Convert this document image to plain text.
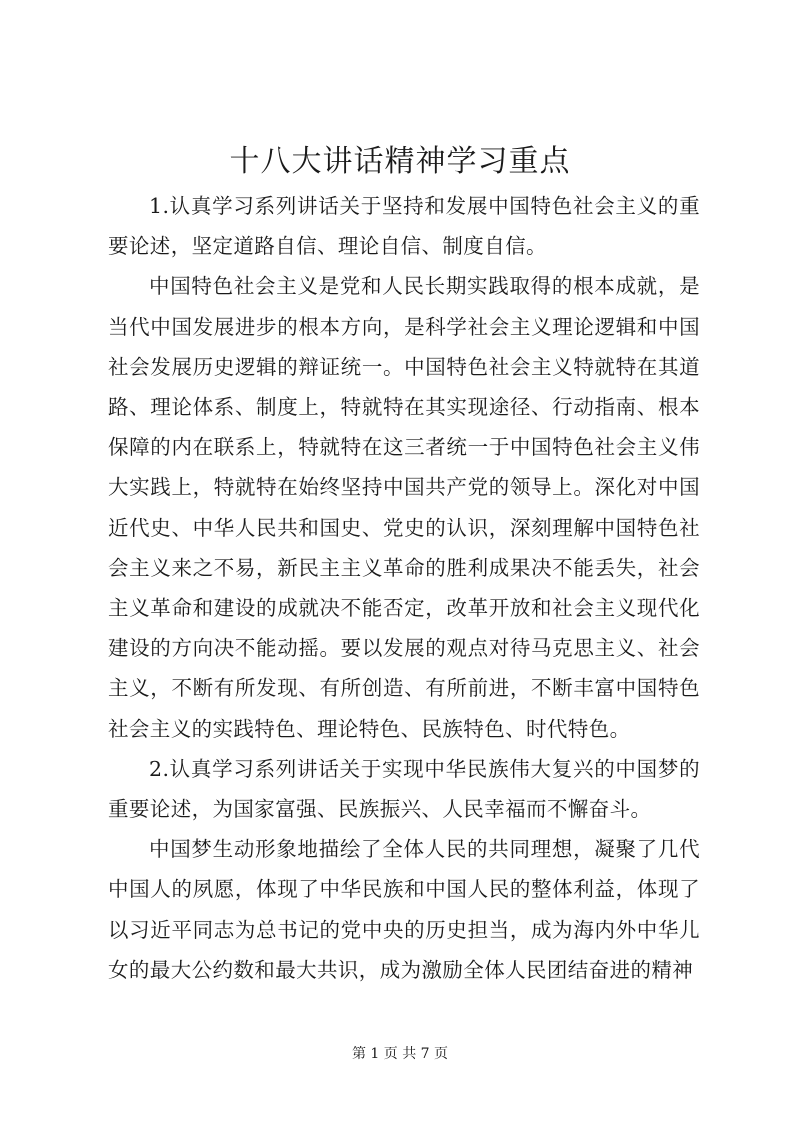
十八大讲话精神学习重点

1.认真学习系列讲话关于坚持和发展中国特色社会主义的重要论述，坚定道路自信、理论自信、制度自信。

中国特色社会主义是党和人民长期实践取得的根本成就，是当代中国发展进步的根本方向，是科学社会主义理论逻辑和中国社会发展历史逻辑的辩证统一。中国特色社会主义特就特在其道路、理论体系、制度上，特就特在其实现途径、行动指南、根本保障的内在联系上，特就特在这三者统一于中国特色社会主义伟大实践上，特就特在始终坚持中国共产党的领导上。深化对中国近代史、中华人民共和国史、党史的认识，深刻理解中国特色社会主义来之不易，新民主主义革命的胜利成果决不能丢失，社会主义革命和建设的成就决不能否定，改革开放和社会主义现代化建设的方向决不能动摇。要以发展的观点对待马克思主义、社会主义，不断有所发现、有所创造、有所前进，不断丰富中国特色社会主义的实践特色、理论特色、民族特色、时代特色。

2.认真学习系列讲话关于实现中华民族伟大复兴的中国梦的重要论述，为国家富强、民族振兴、人民幸福而不懈奋斗。

中国梦生动形象地描绘了全体人民的共同理想，凝聚了几代中国人的夙愿，体现了中华民族和中国人民的整体利益，体现了以习近平同志为总书记的党中央的历史担当，成为海内外中华儿女的最大公约数和最大共识，成为激励全体人民团结奋进的精神

第 1 页 共 7 页
